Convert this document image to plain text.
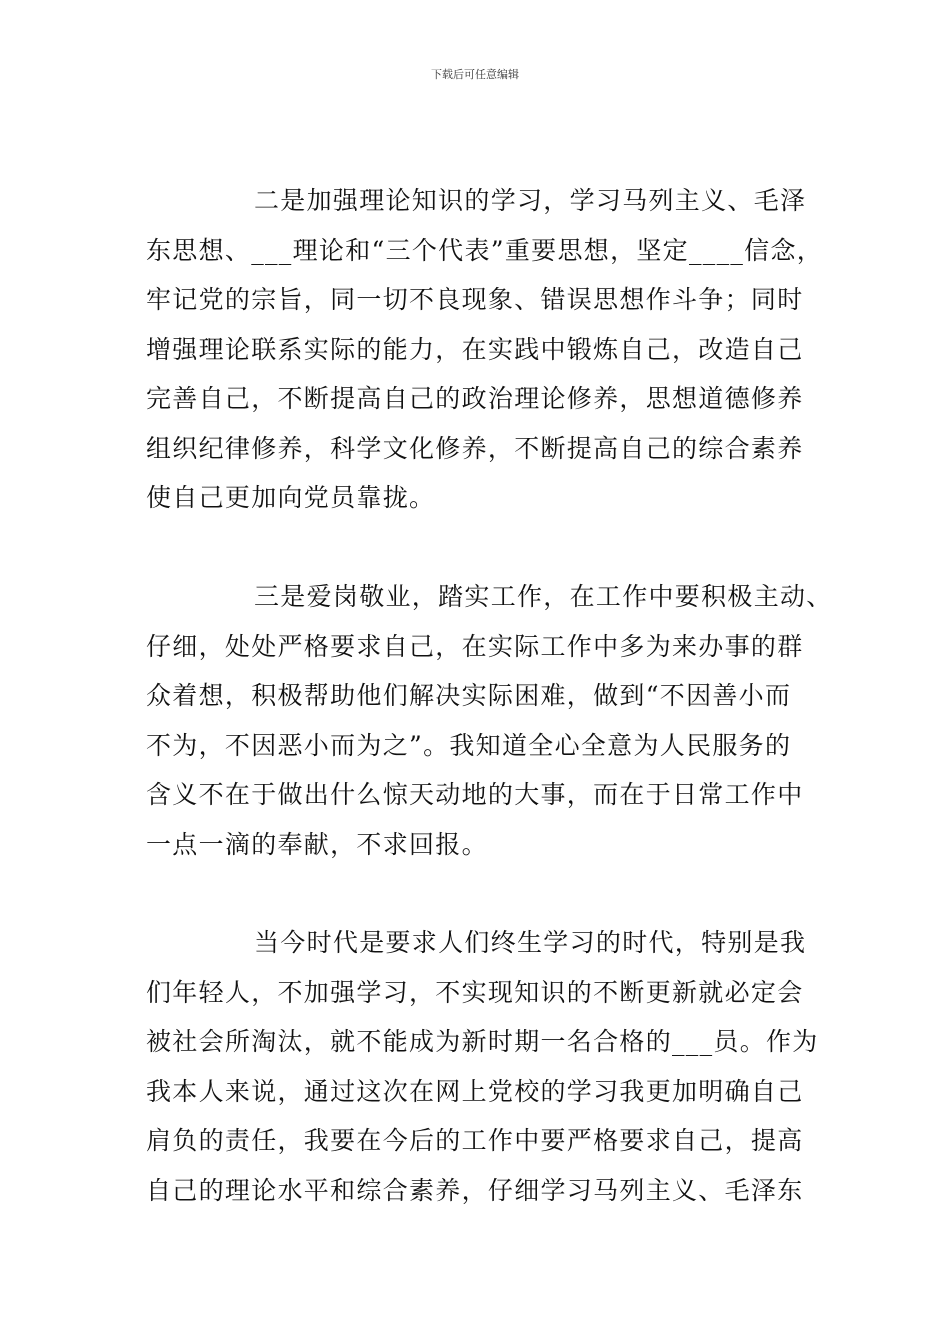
下载后可任意编辑

二是加强理论知识的学习，学习马列主义、毛泽
东思想、___理论和“三个代表”重要思想，坚定____信念，
牢记党的宗旨，同一切不良现象、错误思想作斗争；同时
增强理论联系实际的能力，在实践中锻炼自己，改造自己
完善自己，不断提高自己的政治理论修养，思想道德修养
组织纪律修养，科学文化修养，不断提高自己的综合素养
使自己更加向党员靠拢。

三是爱岗敬业，踏实工作，在工作中要积极主动、
仔细，处处严格要求自己，在实际工作中多为来办事的群
众着想，积极帮助他们解决实际困难，做到“不因善小而
不为，不因恶小而为之”。我知道全心全意为人民服务的
含义不在于做出什么惊天动地的大事，而在于日常工作中
一点一滴的奉献，不求回报。

当今时代是要求人们终生学习的时代，特别是我
们年轻人，不加强学习，不实现知识的不断更新就必定会
被社会所淘汰，就不能成为新时期一名合格的___员。作为
我本人来说，通过这次在网上党校的学习我更加明确自己
肩负的责任，我要在今后的工作中要严格要求自己，提高
自己的理论水平和综合素养，仔细学习马列主义、毛泽东
